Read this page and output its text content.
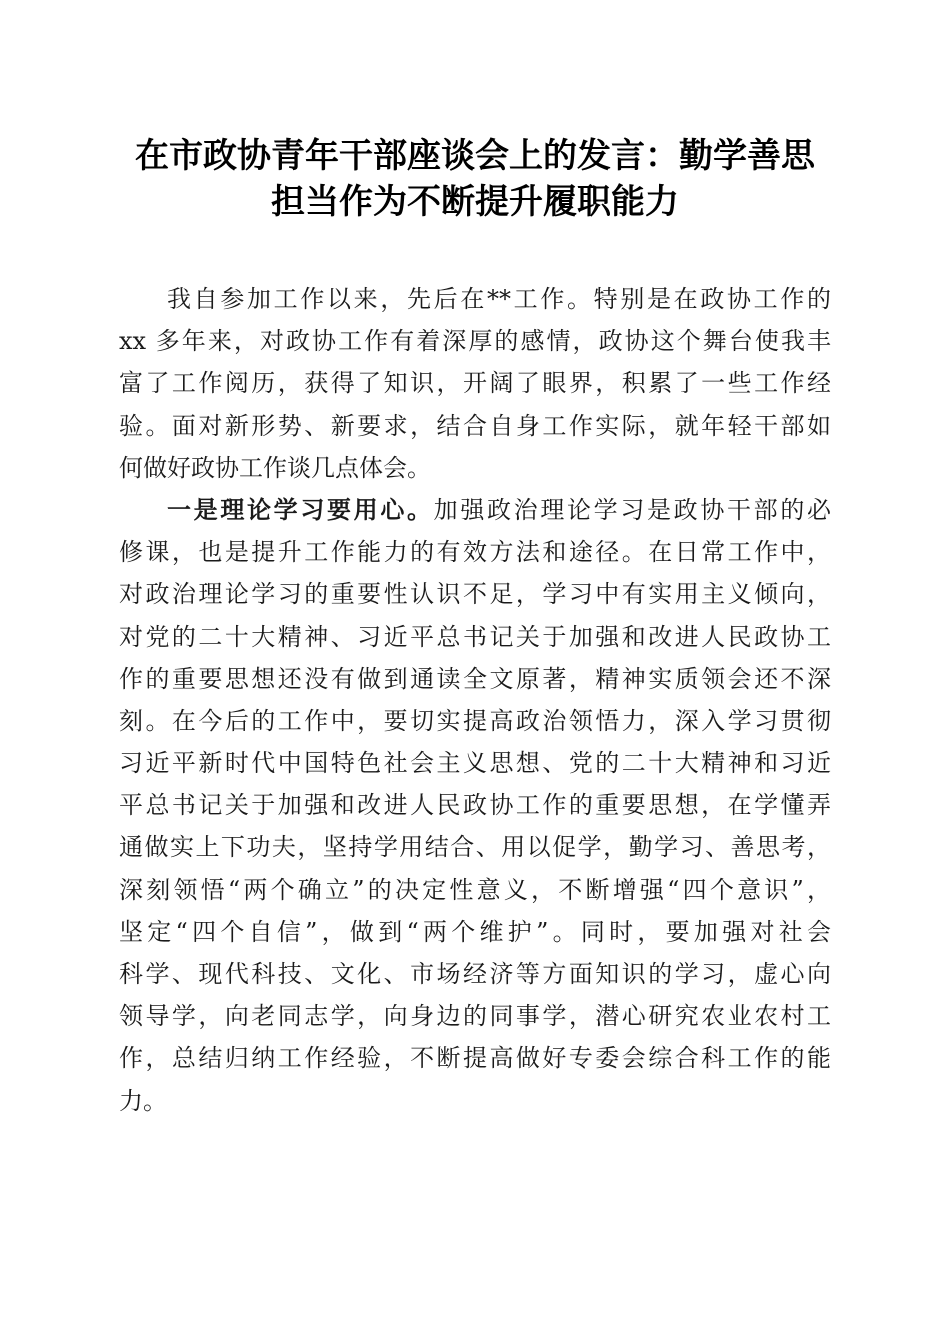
在市政协青年干部座谈会上的发言：勤学善思
担当作为不断提升履职能力
我自参加工作以来，先后在**工作。特别是在政协工作的
xx 多年来，对政协工作有着深厚的感情，政协这个舞台使我丰
富了工作阅历，获得了知识，开阔了眼界，积累了一些工作经
验。面对新形势、新要求，结合自身工作实际，就年轻干部如
何做好政协工作谈几点体会。
一是理论学习要用心。加强政治理论学习是政协干部的必
修课，也是提升工作能力的有效方法和途径。在日常工作中，
对政治理论学习的重要性认识不足，学习中有实用主义倾向，
对党的二十大精神、习近平总书记关于加强和改进人民政协工
作的重要思想还没有做到通读全文原著，精神实质领会还不深
刻。在今后的工作中，要切实提高政治领悟力，深入学习贯彻
习近平新时代中国特色社会主义思想、党的二十大精神和习近
平总书记关于加强和改进人民政协工作的重要思想，在学懂弄
通做实上下功夫，坚持学用结合、用以促学，勤学习、善思考，
深刻领悟“两个确立”的决定性意义，不断增强“四个意识”，
坚定“四个自信”，做到“两个维护”。同时，要加强对社会
科学、现代科技、文化、市场经济等方面知识的学习，虚心向
领导学，向老同志学，向身边的同事学，潜心研究农业农村工
作，总结归纳工作经验，不断提高做好专委会综合科工作的能
力。
